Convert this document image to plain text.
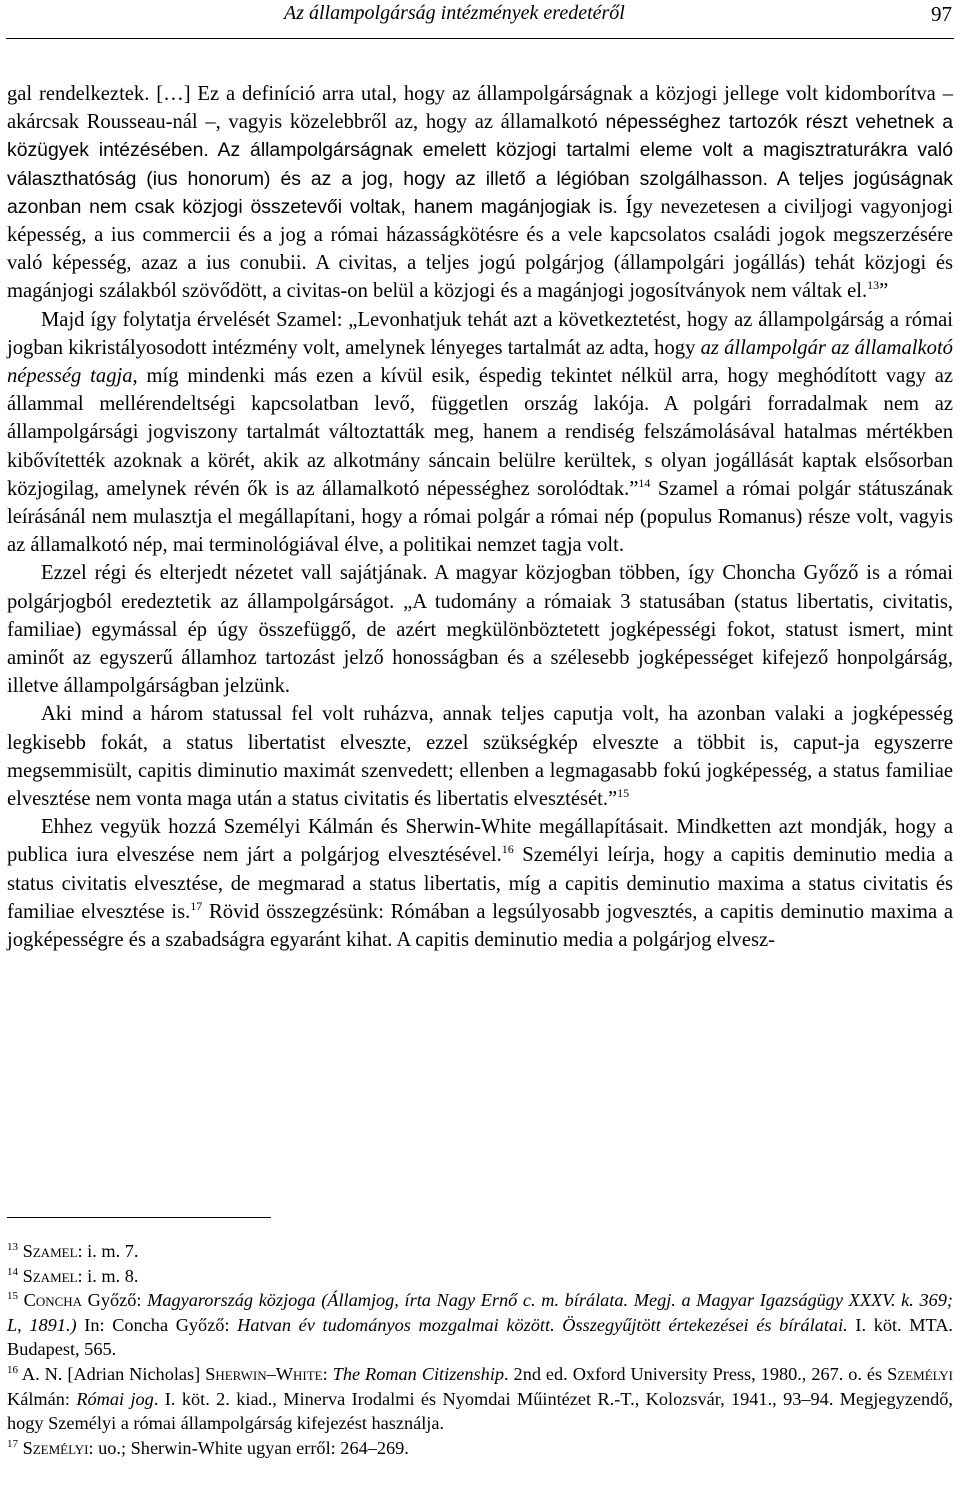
Az állampolgárság intézmények eredetéről	97

gal rendelkeztek. […] Ez a definíció arra utal, hogy az állampolgárságnak a közjogi jellege volt kidomborítva – akárcsak Rousseau-nál –, vagyis közelebbről az, hogy az államalkotó népességhez tartozók részt vehetnek a közügyek intézésében. Az állampolgárságnak emelett közjogi tartalmi eleme volt a magisztraturákra való választhatóság (ius honorum) és az a jog, hogy az illető a légióban szolgálhasson. A teljes jogúságnak azonban nem csak közjogi összetevői voltak, hanem magánjogiak is. Így nevezetesen a civiljogi vagyonjogi képesség, a ius commercii és a jog a római házasságkötésre és a vele kapcsolatos családi jogok megszerzésére való képesség, azaz a ius conubii. A civitas, a teljes jogú polgárjog (állampolgári jogállás) tehát közjogi és magánjogi szálakból szövődött, a civitas-on belül a közjogi és a magánjogi jogosítványok nem váltak el.$^{13}$”

Majd így folytatja érvelését Szamel: „Levonhatjuk tehát azt a következtetést, hogy az állampolgárság a római jogban kikristályosodott intézmény volt, amelynek lényeges tartalmát az adta, hogy az állampolgár az államalkotó népesség tagja, míg mindenki más ezen a kívül esik, éspedig tekintet nélkül arra, hogy meghódított vagy az állammal mellérendeltségi kapcsolatban levő, független ország lakója. A polgári forradalmak nem az állampolgársági jogviszony tartalmát változtatták meg, hanem a rendiség felszámolásával hatalmas mértékben kibővítették azoknak a körét, akik az alkotmány sáncain belülre kerültek, s olyan jogállását kaptak elsősorban közjogilag, amelynek révén ők is az államalkotó népességhez sorolódtak.”$^{14}$ Szamel a római polgár státuszának leírásánál nem mulasztja el megállapítani, hogy a római polgár a római nép (populus Romanus) része volt, vagyis az államalkotó nép, mai terminológiával élve, a politikai nemzet tagja volt.

Ezzel régi és elterjedt nézetet vall sajátjának. A magyar közjogban többen, így Choncha Győző is a római polgárjogból eredeztetik az állampolgárságot. „A tudomány a rómaiak 3 statusában (status libertatis, civitatis, familiae) egymással ép úgy összefüggő, de azért megkülönböztetett jogképességi fokot, statust ismert, mint aminőt az egyszerű államhoz tartozást jelző honosságban és a szélesebb jogképességet kifejező honpolgárság, illetve állampolgárságban jelzünk.

Aki mind a három statussal fel volt ruházva, annak teljes caputja volt, ha azonban valaki a jogképesség legkisebb fokát, a status libertatist elveszte, ezzel szükségkép elveszte a többit is, caput-ja egyszerre megsemmisült, capitis diminutio maximát szenvedett; ellenben a legmagasabb fokú jogképesség, a status familiae elvesztése nem vonta maga után a status civitatis és libertatis elvesztését.”$^{15}$

Ehhez vegyük hozzá Személyi Kálmán és Sherwin-White megállapításait. Mindketten azt mondják, hogy a publica iura elveszése nem járt a polgárjog elvesztésével.$^{16}$ Személyi leírja, hogy a capitis deminutio media a status civitatis elvesztése, de megmarad a status libertatis, míg a capitis deminutio maxima a status civitatis és familiae elvesztése is.$^{17}$ Rövid összegzésünk: Rómában a legsúlyosabb jogvesztés, a capitis deminutio maxima a jogképességre és a szabadságra egyaránt kihat. A capitis deminutio media a polgárjog elvesz-

$^{13}$ Szamel: i. m. 7.

$^{14}$ Szamel: i. m. 8.

$^{15}$ Concha Győző: Magyarország közjoga (Államjog, írta Nagy Ernő c. m. bírálata. Megj. a Magyar Igazságügy XXXV. k. 369; L, 1891.) In: Concha Győző: Hatvan év tudományos mozgalmai között. Összegyűjtött értekezései és bírálatai. I. köt. MTA. Budapest, 565.

$^{16}$ A. N. [Adrian Nicholas] Sherwin–White: The Roman Citizenship. 2nd ed. Oxford University Press, 1980., 267. o. és Személyi Kálmán: Római jog. I. köt. 2. kiad., Minerva Irodalmi és Nyomdai Műintézet R.-T., Kolozsvár, 1941., 93–94. Megjegyzendő, hogy Személyi a római állampolgárság kifejezést használja.

$^{17}$ Személyi: uo.; Sherwin-White ugyan erről: 264–269.
